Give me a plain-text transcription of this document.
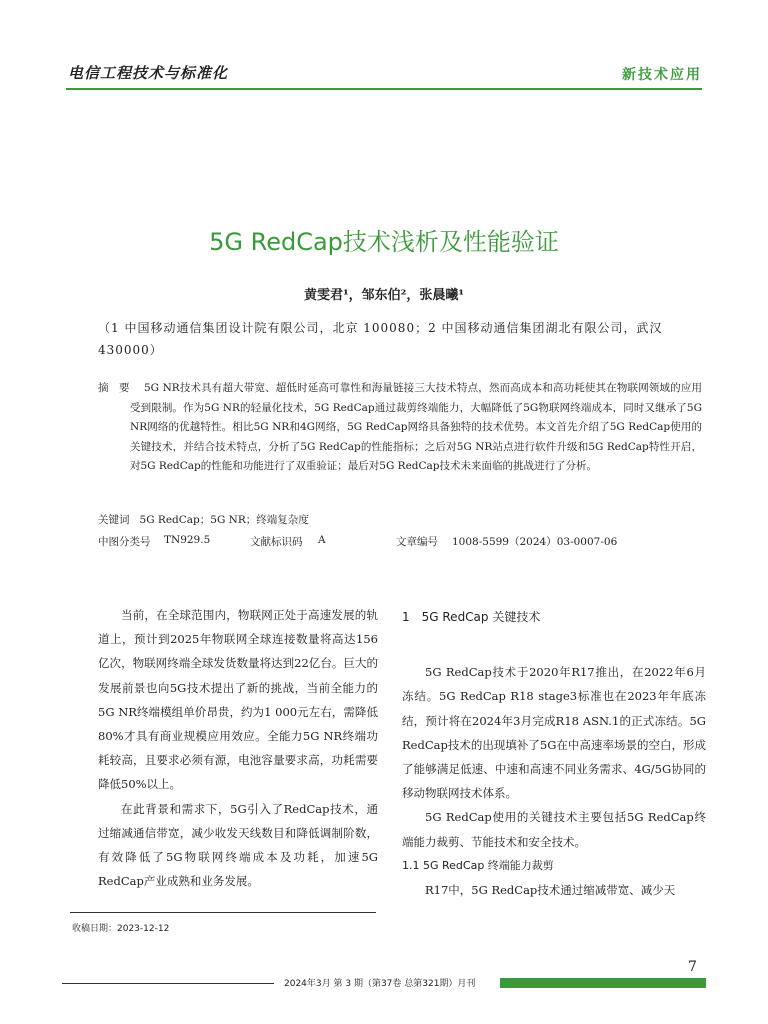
电信工程技术与标准化	新技术应用
5G RedCap技术浅析及性能验证
黄雯君¹，邹东伯²，张晨曦¹
（1 中国移动通信集团设计院有限公司，北京 100080；2 中国移动通信集团湖北有限公司，武汉 430000）
摘　要	5G NR技术具有超大带宽、超低时延高可靠性和海量链接三大技术特点，然而高成本和高功耗使其在物联网领域的应用受到限制。作为5G NR的轻量化技术，5G RedCap通过裁剪终端能力，大幅降低了5G物联网终端成本，同时又继承了5G NR网络的优越特性。相比5G NR和4G网络，5G RedCap网络具备独特的技术优势。本文首先介绍了5G RedCap使用的关键技术，并结合技术特点，分析了5G RedCap的性能指标；之后对5G NR站点进行软件升级和5G RedCap特性开启，对5G RedCap的性能和功能进行了双重验证；最后对5G RedCap技术未来面临的挑战进行了分析。
关键词 5G RedCap；5G NR；终端复杂度
中图分类号 TN929.5	文献标识码 A	文章编号 1008-5599（2024）03-0007-06

当前，在全球范围内，物联网正处于高速发展的轨道上，预计到2025年物联网全球连接数量将高达156亿次，物联网终端全球发货数量将达到22亿台。巨大的发展前景也向5G技术提出了新的挑战，当前全能力的5G NR终端模组单价昂贵，约为1 000元左右，需降低80%才具有商业规模应用效应。全能力5G NR终端功耗较高，且要求必须有源，电池容量要求高，功耗需要降低50%以上。

在此背景和需求下，5G引入了RedCap技术，通过缩减通信带宽，减少收发天线数目和降低调制阶数，有效降低了5G物联网终端成本及功耗，加速5G RedCap产业成熟和业务发展。

1　5G RedCap 关键技术

5G RedCap技术于2020年R17推出，在2022年6月冻结。5G RedCap R18 stage3标准也在2023年年底冻结，预计将在2024年3月完成R18 ASN.1的正式冻结。5G RedCap技术的出现填补了5G在中高速率场景的空白，形成了能够满足低速、中速和高速不同业务需求、4G/5G协同的移动物联网技术体系。

5G RedCap使用的关键技术主要包括5G RedCap终端能力裁剪、节能技术和安全技术。

1.1 5G RedCap 终端能力裁剪

R17中，5G RedCap技术通过缩减带宽、减少天

收稿日期：2023-12-12
7
2024年3月 第 3 期（第37卷 总第321期）月刊
